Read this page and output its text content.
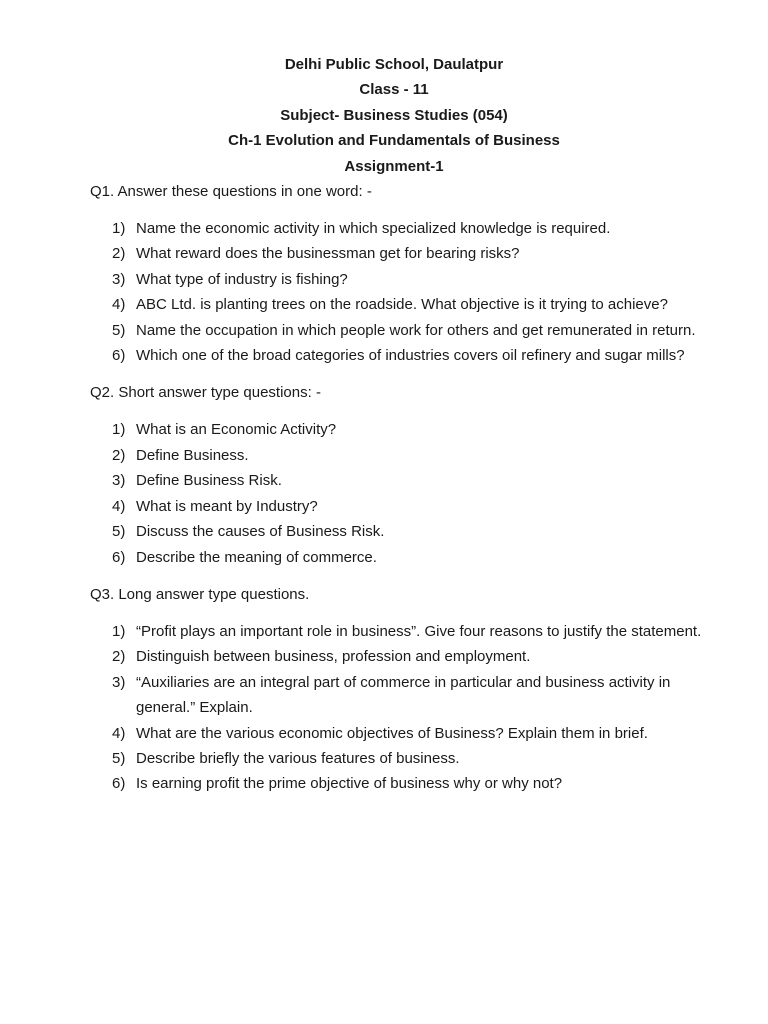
Delhi Public School, Daulatpur
Class - 11
Subject- Business Studies (054)
Ch-1 Evolution and Fundamentals of Business
Assignment-1

Q1. Answer these questions in one word: -

1) Name the economic activity in which specialized knowledge is required.
2) What reward does the businessman get for bearing risks?
3) What type of industry is fishing?
4) ABC Ltd. is planting trees on the roadside. What objective is it trying to achieve?
5) Name the occupation in which people work for others and get remunerated in return.
6) Which one of the broad categories of industries covers oil refinery and sugar mills?

Q2. Short answer type questions: -

1) What is an Economic Activity?
2) Define Business.
3) Define Business Risk.
4) What is meant by Industry?
5) Discuss the causes of Business Risk.
6) Describe the meaning of commerce.

Q3. Long answer type questions.

1) “Profit plays an important role in business”. Give four reasons to justify the statement.
2) Distinguish between business, profession and employment.
3) “Auxiliaries are an integral part of commerce in particular and business activity in general.” Explain.
4) What are the various economic objectives of Business? Explain them in brief.
5) Describe briefly the various features of business.
6) Is earning profit the prime objective of business why or why not?
